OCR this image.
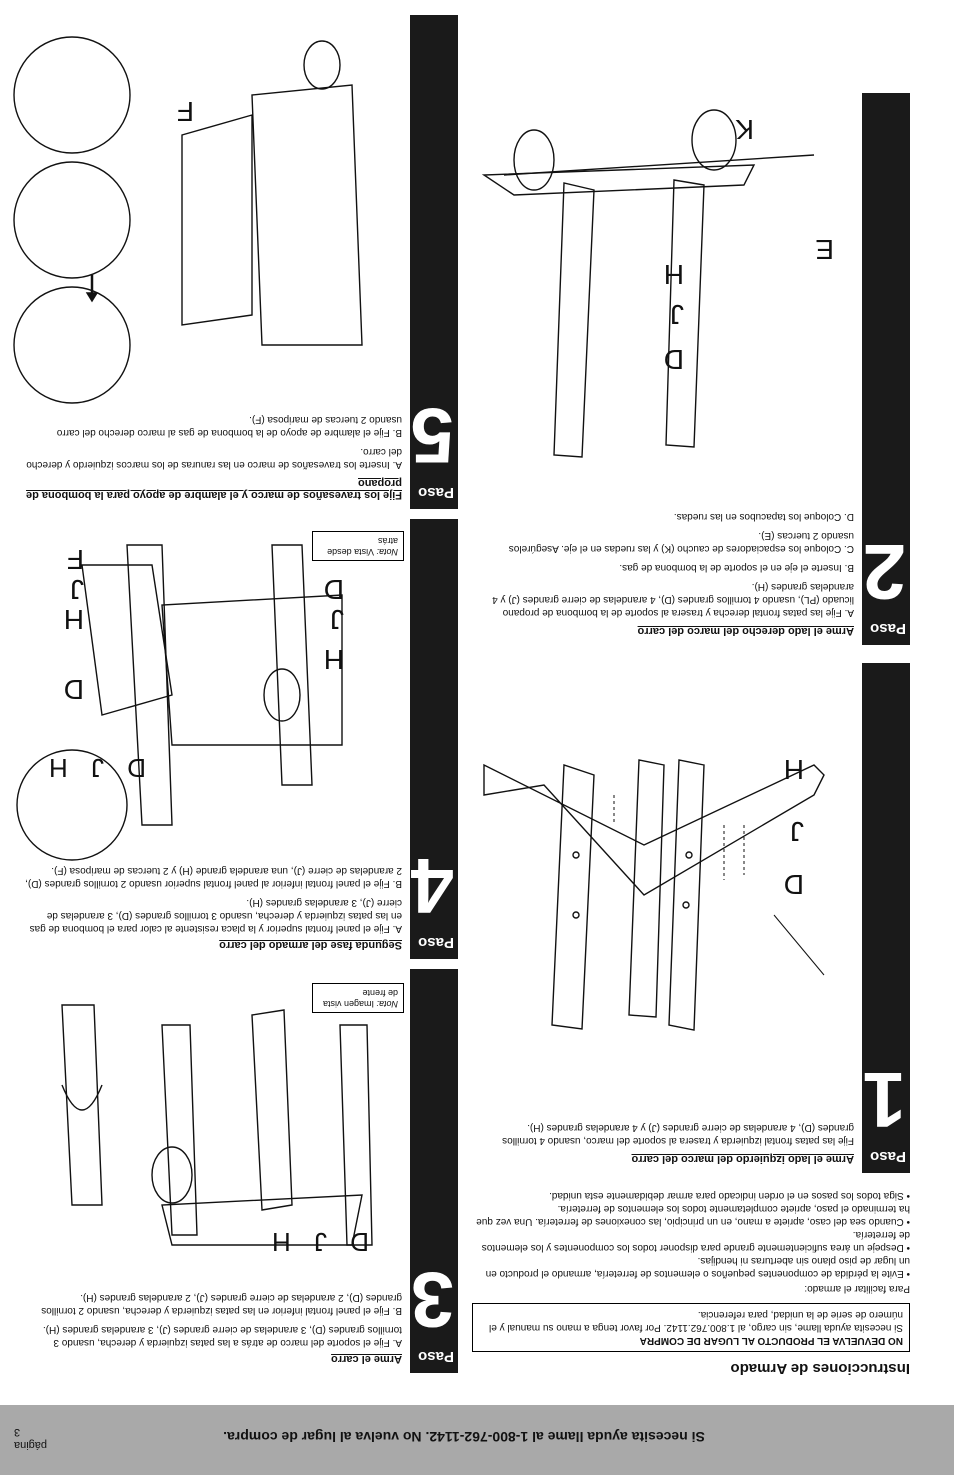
Si necesita ayuda llame al 1-800-762-1142. No vuelva al lugar de compra.
página
3
Instrucciones de Armado
NO DEVUELVA EL PRODUCTO AL LUGAR DE COMPRA
Si necesita ayuda llame, sin cargo, al 1.800.762.1142. Por favor tenga a mano su manual y el número de serie de la unidad, para referencia.
Para facilitar el armado:
• Evite la pérdida de componentes pequeños o elementos de ferretería, armando el producto en un lugar de piso plano sin aberturas ni hendijas.
• Despeje un área suficientemente grande para disponer todos los componentes y los elementos de ferretería.
• Cuando sea del caso, apriete a mano, en un principio, las conexiones de ferretería. Una vez que ha terminado el paso, apriete completamente todos los elementos de ferretería.
• Siga todos los pasos en el orden indicado para armar debidamente esta unidad.
Paso
1
Arme el lado izquierdo del marco del carro

Fije las patas frontal izquierda y trasera al soporte del marco, usando 4 tornillos grandes (D), 4 arandelas de cierre grandes (J) y 4 arandelas grandes (H).

D
J
H
Paso
2
Arme el lado derecho del marco del carro

A. Fije las patas frontal derecha y trasera al soporte de la bombona de propano licuado (PL), usando 4 tornillos grandes (D), 4 arandelas de cierre grandes (J) y 4 arandelas grandes (H).

B. Inserte el eje en el soporte de la bombona de gas.

C. Coloque los espaciadores de caucho (K) y las ruedas en el eje. Asegúrelos usando 2 tuercas (E).

D. Coloque los tapacubos en las ruedas.

E
K
D
J
H
Paso
3
Arme el carro

A. Fije el soporte del marco de atrás a las patas izquierda y derecha, usando 3 tornillos grandes (D), 3 arandelas de cierre grandes (J), 3 arandelas grandes (H).

B. Fije el panel frontal inferior en las patas izquierda y derecha, usando 2 tornillos grandes (D), 2 arandelas de cierre grandes (J), 2 arandelas grandes (H).

D J H
Nota: Imagen vista de frente
Paso
4
Segunda fase del armado del carro

A. Fije el panel frontal superior y la placa resistente al calor para el bombona de gas en las patas izquierda y derecha, usando 3 tornillos grandes (D), 3 arandelas de cierre (J), 3 arandelas grandes (H).

B. Fije el panel frontal inferior al panel frontal superior usando 2 tornillos grandes (D), 2 arandelas de cierre (J), una arandela grande (H) y 2 tuercas de mariposa (F).

D J H
H
J
D
D
H
J
F	Nota: Vista desde atrás
Paso
5
Fije los travesaños de marco y el alambre de apoyo para la bombona de propano

A. Inserte los travesaños de marco en las ranuras de los marcos izquierdo y derecho del carro.

B. Fije el alambre de apoyo de la bombona de gas al marco derecho del carro usando 2 tuercas de mariposa (F).

F
